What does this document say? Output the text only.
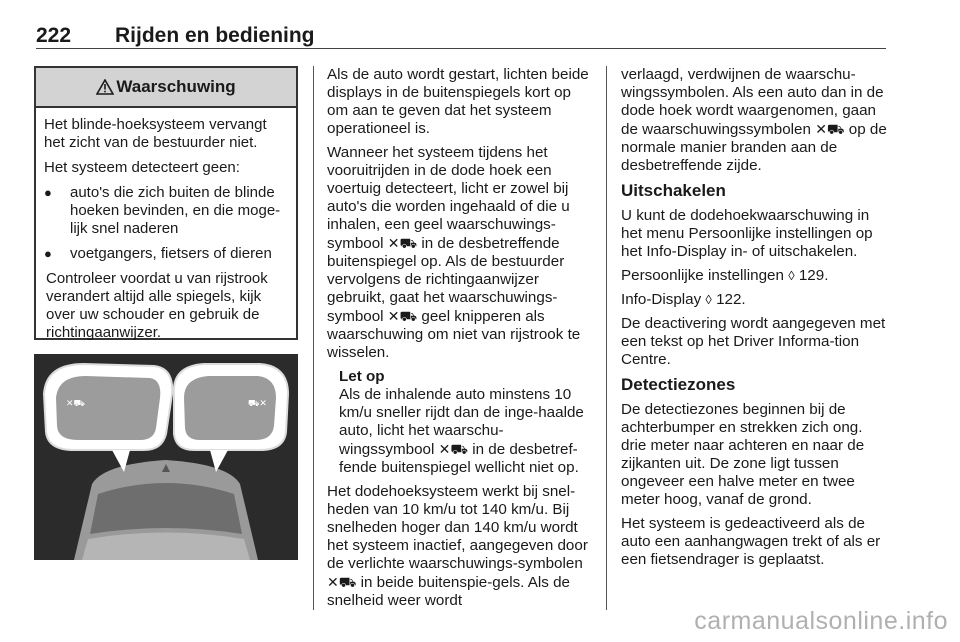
222 Rijden en bediening
Waarschuwing

Het blinde-hoeksysteem vervangt het zicht van de bestuurder niet.

Het systeem detecteert geen:

●	auto's die zich buiten de blinde hoeken bevinden, en die moge-lijk snel naderen
●	voetgangers, fietsers of dieren

Controleer voordat u van rijstrook verandert altijd alle spiegels, kijk over uw schouder en gebruik de richtingaanwijzer.

✕⛟	⛟✕

Als de auto wordt gestart, lichten beide displays in de buitenspiegels kort op om aan te geven dat het systeem operationeel is.

Wanneer het systeem tijdens het vooruitrijden in de dode hoek een voertuig detecteert, licht er zowel bij auto's die worden ingehaald of die u inhalen, een geel waarschuwings-symbool ✕⛟ in de desbetreffende buitenspiegel op. Als de bestuurder vervolgens de richtingaanwijzer gebruikt, gaat het waarschuwings-symbool ✕⛟ geel knipperen als waarschuwing om niet van rijstrook te wisselen.

Let op
Als de inhalende auto minstens 10 km/u sneller rijdt dan de inge-haalde auto, licht het waarschu-wingssymbool ✕⛟ in de desbetref-fende buitenspiegel wellicht niet op.

Het dodehoeksysteem werkt bij snel-heden van 10 km/u tot 140 km/u. Bij snelheden hoger dan 140 km/u wordt het systeem inactief, aangegeven door de verlichte waarschuwings-symbolen ✕⛟ in beide buitenspie-gels. Als de snelheid weer wordt

verlaagd, verdwijnen de waarschu-wingssymbolen. Als een auto dan in de dode hoek wordt waargenomen, gaan de waarschuwingssymbolen ✕⛟ op de normale manier branden aan de desbetreffende zijde.

Uitschakelen

U kunt de dodehoekwaarschuwing in het menu Persoonlijke instellingen op het Info-Display in- of uitschakelen.

Persoonlijke instellingen ◊ 129.

Info-Display ◊ 122.

De deactivering wordt aangegeven met een tekst op het Driver Informa-tion Centre.

Detectiezones

De detectiezones beginnen bij de achterbumper en strekken zich ong. drie meter naar achteren en naar de zijkanten uit. De zone ligt tussen ongeveer een halve meter en twee meter hoog, vanaf de grond.

Het systeem is gedeactiveerd als de auto een aanhangwagen trekt of als er een fietsendrager is geplaatst.

carmanualsonline.info
